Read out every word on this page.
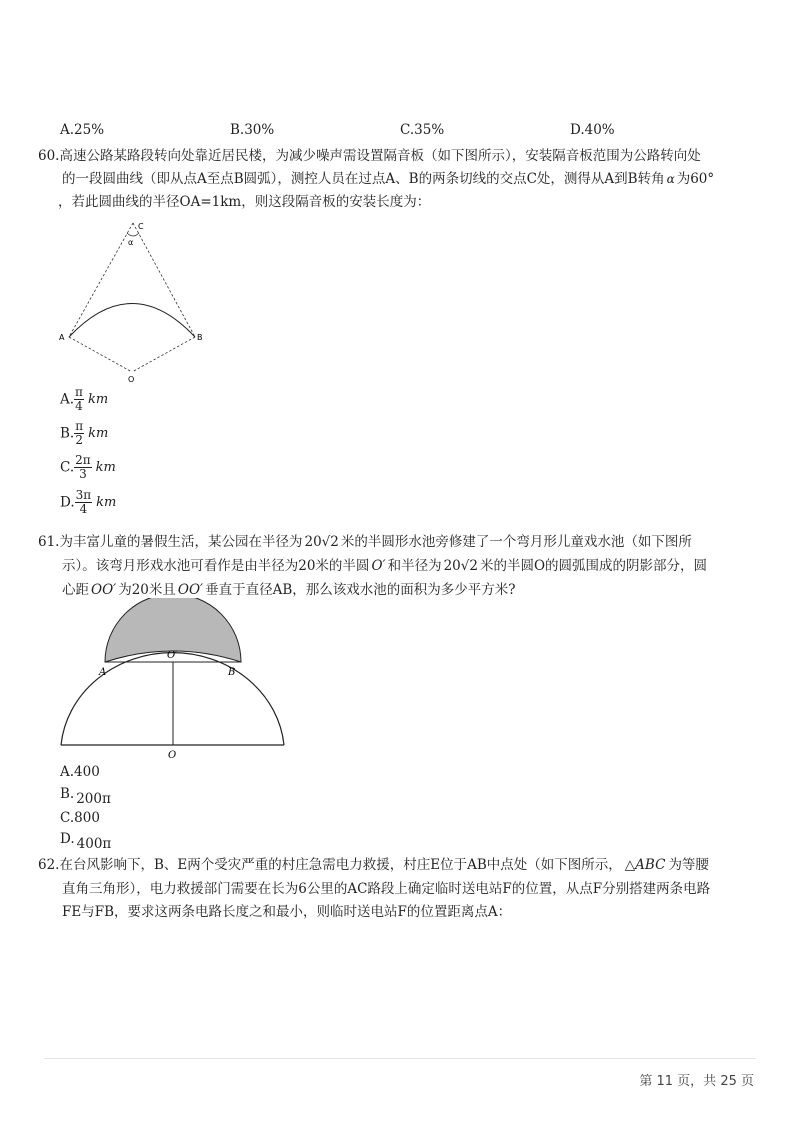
A.25%	B.30%	C.35%	D.40%
60.高速公路某路段转向处靠近居民楼，为减少噪声需设置隔音板（如下图所示），安装隔音板范围为公路转向处
的一段圆曲线（即从点A至点B圆弧），测控人员在过点A、B的两条切线的交点C处，测得从A到B转角 α 为60°
，若此圆曲线的半径OA=1km，则这段隔音板的安装长度为：
C
α
A	B
O
A. $\frac{\pi}{4}$ km
B. $\frac{\pi}{2}$ km
C. $\frac{2\pi}{3}$ km
D. $\frac{3\pi}{4}$ km
61.为丰富儿童的暑假生活，某公园在半径为 20√2 米的半圆形水池旁修建了一个弯月形儿童戏水池（如下图所
示）。该弯月形戏水池可看作是由半径为20米的半圆 O′ 和半径为 20√2 米的半圆O的圆弧围成的阴影部分，圆
心距 OO′ 为20米且 OO′ 垂直于直径AB，那么该戏水池的面积为多少平方米?
O′
A	B
O
A.400
B. 200π
C.800
D. 400π
62.在台风影响下，B、E两个受灾严重的村庄急需电力救援，村庄E位于AB中点处（如下图所示， △ABC 为等腰
直角三角形），电力救援部门需要在长为6公里的AC路段上确定临时送电站F的位置，从点F分别搭建两条电路
FE与FB，要求这两条电路长度之和最小，则临时送电站F的位置距离点A：
第 11 页，共 25 页
